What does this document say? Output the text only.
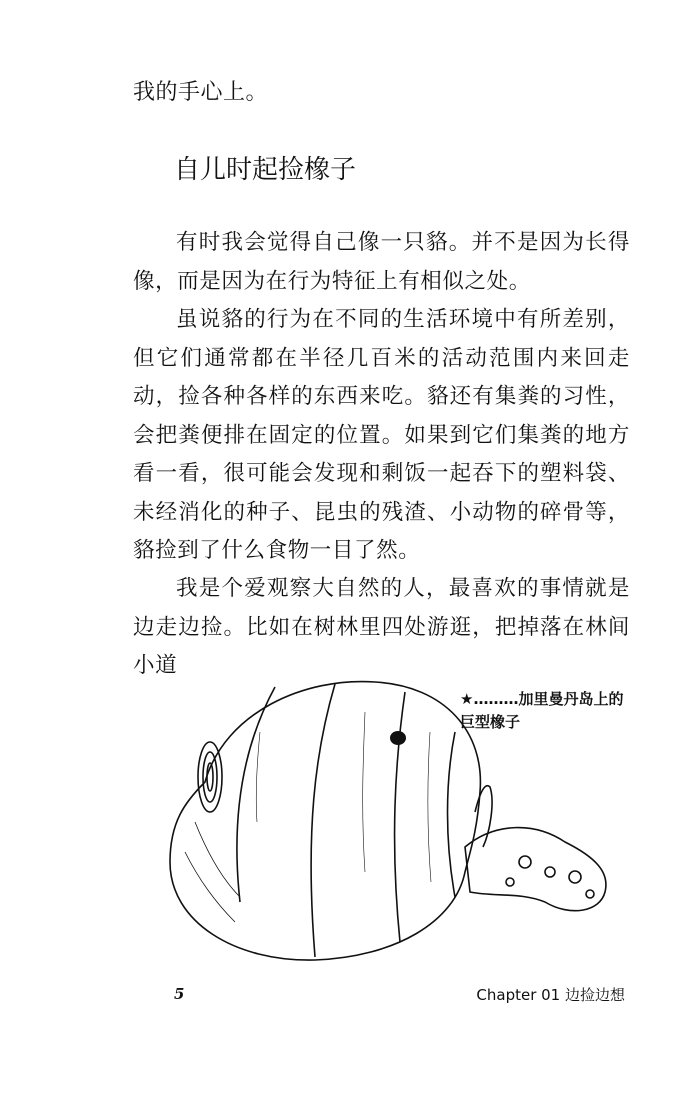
我的手心上。

自儿时起捡橡子

有时我会觉得自己像一只貉。并不是因为长得像，而是因为在行为特征上有相似之处。

虽说貉的行为在不同的生活环境中有所差别，但它们通常都在半径几百米的活动范围内来回走动，捡各种各样的东西来吃。貉还有集粪的习性，会把粪便排在固定的位置。如果到它们集粪的地方看一看，很可能会发现和剩饭一起吞下的塑料袋、未经消化的种子、昆虫的残渣、小动物的碎骨等，貉捡到了什么食物一目了然。

我是个爱观察大自然的人，最喜欢的事情就是边走边捡。比如在树林里四处游逛，把掉落在林间小道

★………加里曼丹岛上的巨型橡子

5	Chapter 01 边捡边想
